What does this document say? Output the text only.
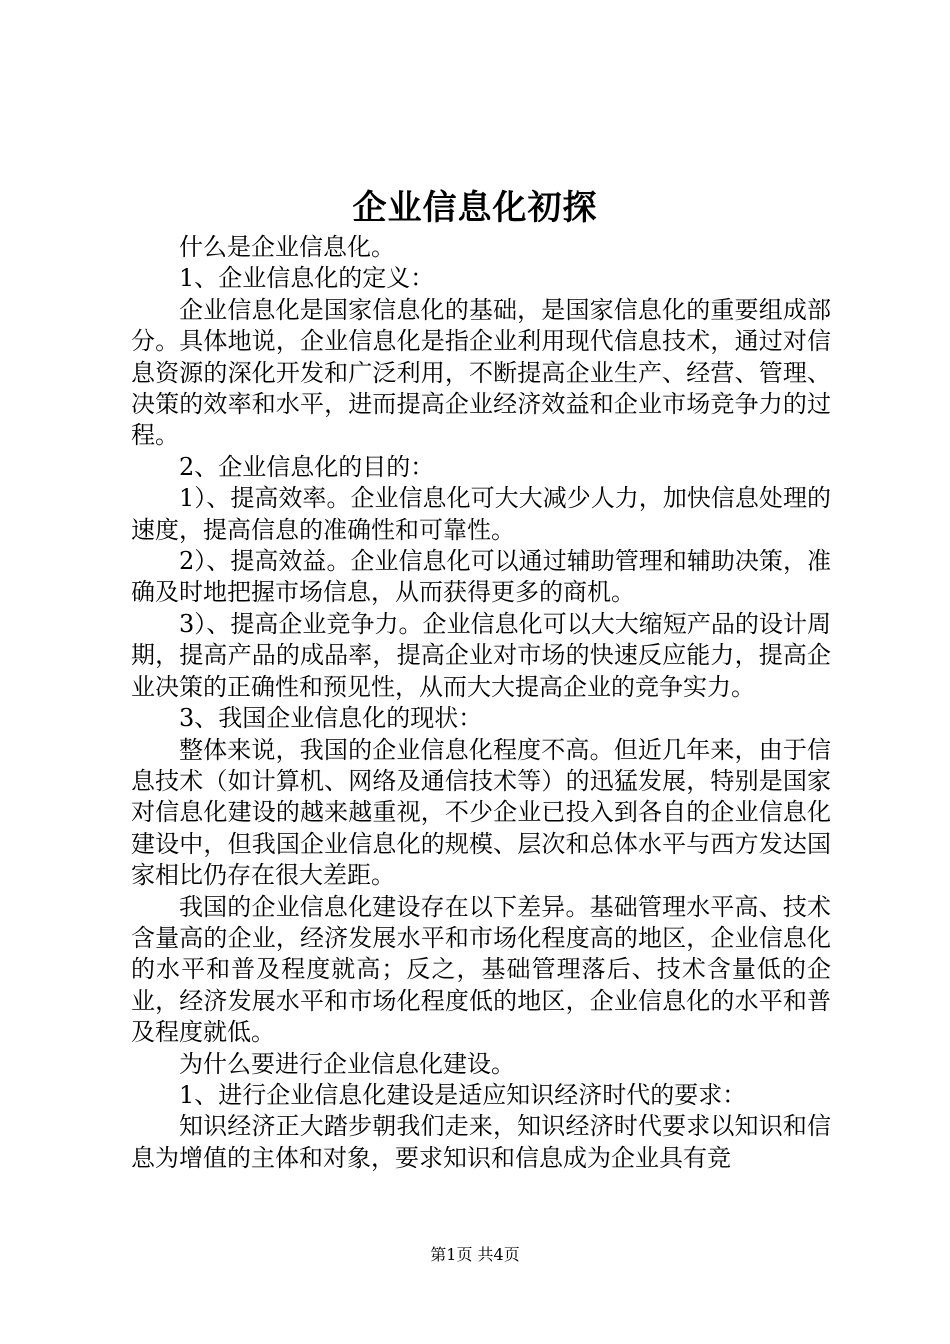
企业信息化初探

什么是企业信息化。

1、企业信息化的定义：

企业信息化是国家信息化的基础，是国家信息化的重要组成部分。具体地说，企业信息化是指企业利用现代信息技术，通过对信息资源的深化开发和广泛利用，不断提高企业生产、经营、管理、决策的效率和水平，进而提高企业经济效益和企业市场竞争力的过程。

2、企业信息化的目的：

1）、提高效率。企业信息化可大大减少人力，加快信息处理的速度，提高信息的准确性和可靠性。

2）、提高效益。企业信息化可以通过辅助管理和辅助决策，准确及时地把握市场信息，从而获得更多的商机。

3）、提高企业竞争力。企业信息化可以大大缩短产品的设计周期，提高产品的成品率，提高企业对市场的快速反应能力，提高企业决策的正确性和预见性，从而大大提高企业的竞争实力。

3、我国企业信息化的现状：

整体来说，我国的企业信息化程度不高。但近几年来，由于信息技术（如计算机、网络及通信技术等）的迅猛发展，特别是国家对信息化建设的越来越重视，不少企业已投入到各自的企业信息化建设中，但我国企业信息化的规模、层次和总体水平与西方发达国家相比仍存在很大差距。

我国的企业信息化建设存在以下差异。基础管理水平高、技术含量高的企业，经济发展水平和市场化程度高的地区，企业信息化的水平和普及程度就高；反之，基础管理落后、技术含量低的企业，经济发展水平和市场化程度低的地区，企业信息化的水平和普及程度就低。

为什么要进行企业信息化建设。

1、进行企业信息化建设是适应知识经济时代的要求：

知识经济正大踏步朝我们走来，知识经济时代要求以知识和信息为增值的主体和对象，要求知识和信息成为企业具有竞

第1页 共4页
